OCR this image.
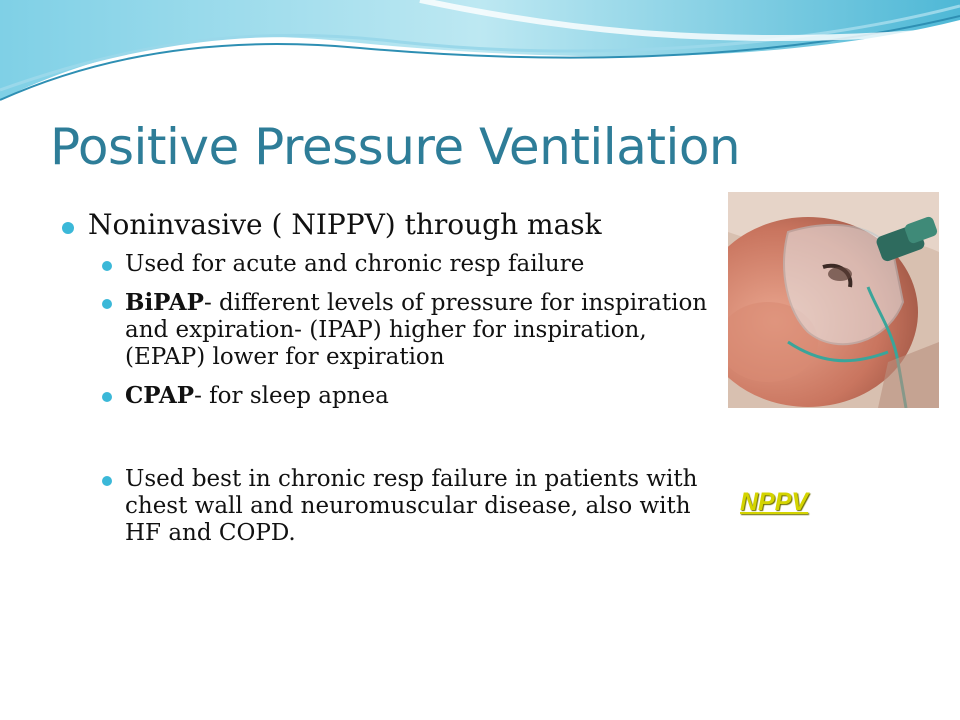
Positive Pressure Ventilation
Noninvasive ( NIPPV) through mask
Used for acute and chronic resp failure
BiPAP- different levels of pressure for inspiration and expiration- (IPAP) higher for inspiration,(EPAP) lower for expiration
CPAP- for sleep apnea
Used best in chronic resp failure in patients with chest wall and neuromuscular disease, also with HF and COPD.
NPPV
